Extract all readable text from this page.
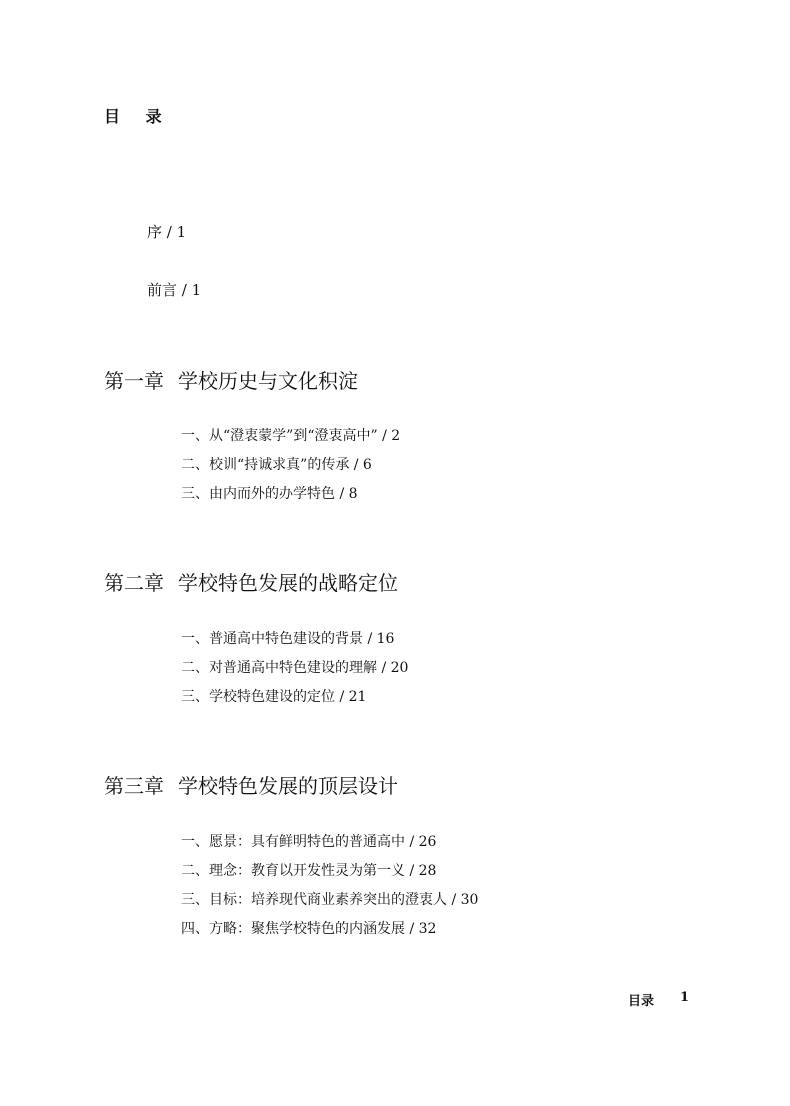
目 录
序 / 1
前言 / 1
第一章 学校历史与文化积淀
一、从“澄衷蒙学”到“澄衷高中” / 2
二、校训“持诚求真”的传承 / 6
三、由内而外的办学特色 / 8
第二章 学校特色发展的战略定位
一、普通高中特色建设的背景 / 16
二、对普通高中特色建设的理解 / 20
三、学校特色建设的定位 / 21
第三章 学校特色发展的顶层设计
一、愿景：具有鲜明特色的普通高中 / 26
二、理念：教育以开发性灵为第一义 / 28
三、目标：培养现代商业素养突出的澄衷人 / 30
四、方略：聚焦学校特色的内涵发展 / 32
目录 1
